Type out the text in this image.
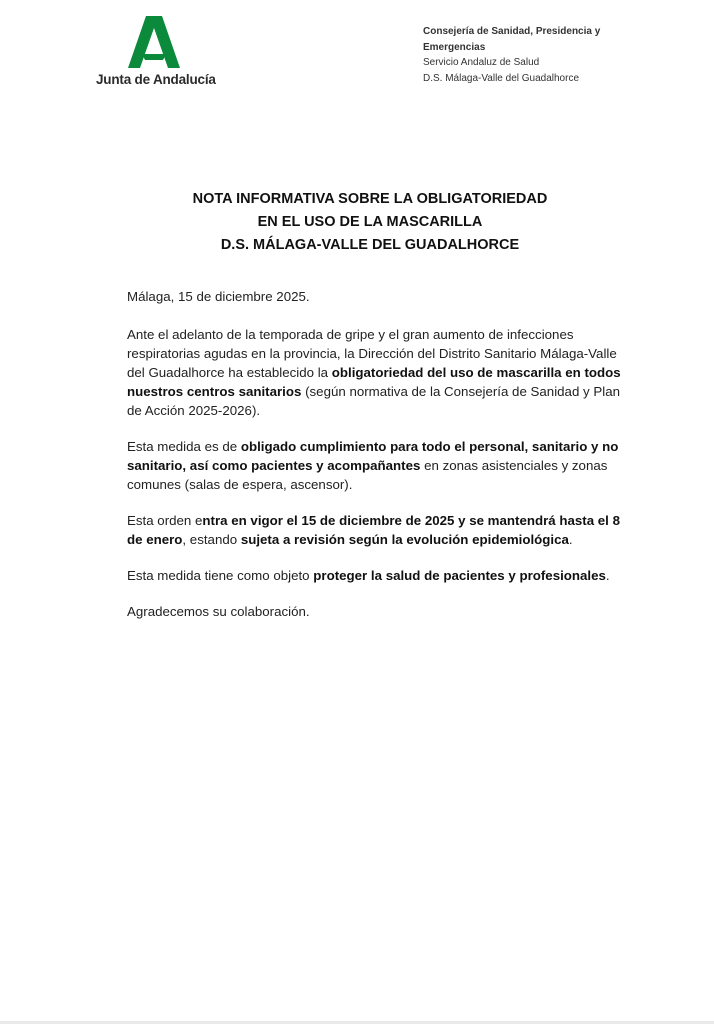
Junta de Andalucía
Consejería de Sanidad, Presidencia y Emergencias
Servicio Andaluz de Salud
D.S. Málaga-Valle del Guadalhorce
NOTA INFORMATIVA SOBRE LA OBLIGATORIEDAD
EN EL USO DE LA MASCARILLA
D.S. MÁLAGA-VALLE DEL GUADALHORCE

Málaga, 15 de diciembre 2025.

Ante el adelanto de la temporada de gripe y el gran aumento de infecciones respiratorias agudas en la provincia, la Dirección del Distrito Sanitario Málaga-Valle del Guadalhorce ha establecido la obligatoriedad del uso de mascarilla en todos nuestros centros sanitarios (según normativa de la Consejería de Sanidad y Plan de Acción 2025-2026).

Esta medida es de obligado cumplimiento para todo el personal, sanitario y no sanitario, así como pacientes y acompañantes en zonas asistenciales y zonas comunes (salas de espera, ascensor).

Esta orden entra en vigor el 15 de diciembre de 2025 y se mantendrá hasta el 8 de enero, estando sujeta a revisión según la evolución epidemiológica.

Esta medida tiene como objeto proteger la salud de pacientes y profesionales.

Agradecemos su colaboración.
